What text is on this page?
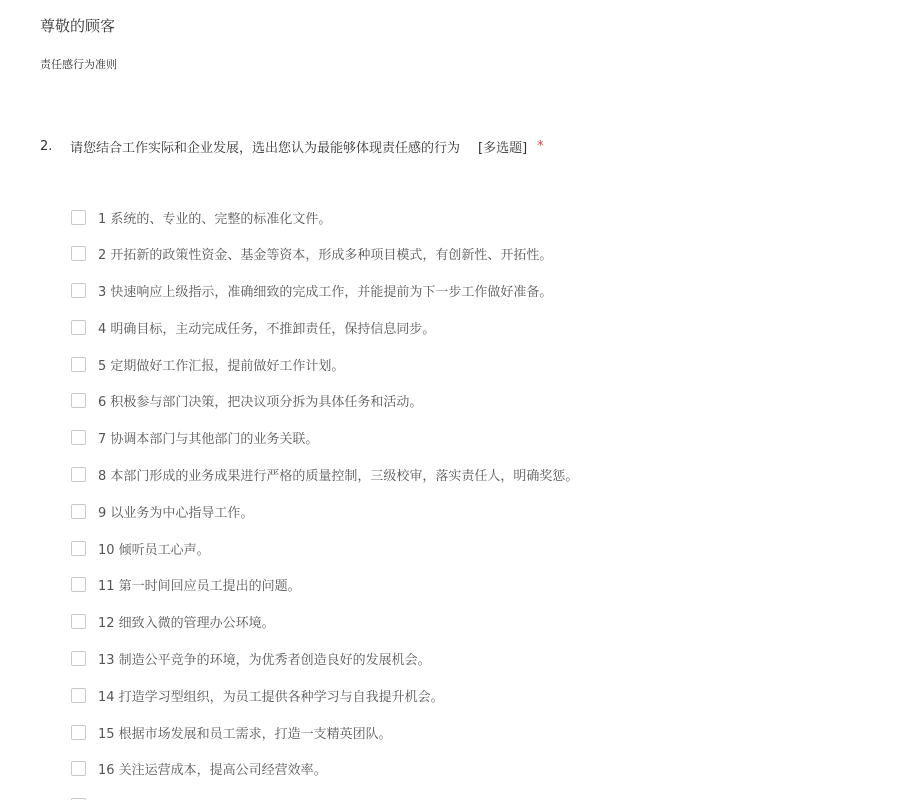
尊敬的顾客
责任感行为准则
2.	请您结合工作实际和企业发展，选出您认为最能够体现责任感的行为 [多选题] *
1 系统的、专业的、完整的标准化文件。
2 开拓新的政策性资金、基金等资本，形成多种项目模式，有创新性、开拓性。
3 快速响应上级指示，准确细致的完成工作，并能提前为下一步工作做好准备。
4 明确目标，主动完成任务，不推卸责任，保持信息同步。
5 定期做好工作汇报，提前做好工作计划。
6 积极参与部门决策，把决议项分拆为具体任务和活动。
7 协调本部门与其他部门的业务关联。
8 本部门形成的业务成果进行严格的质量控制，三级校审，落实责任人，明确奖惩。
9 以业务为中心指导工作。
10 倾听员工心声。
11 第一时间回应员工提出的问题。
12 细致入微的管理办公环境。
13 制造公平竞争的环境，为优秀者创造良好的发展机会。
14 打造学习型组织，为员工提供各种学习与自我提升机会。
15 根据市场发展和员工需求，打造一支精英团队。
16 关注运营成本，提高公司经营效率。
